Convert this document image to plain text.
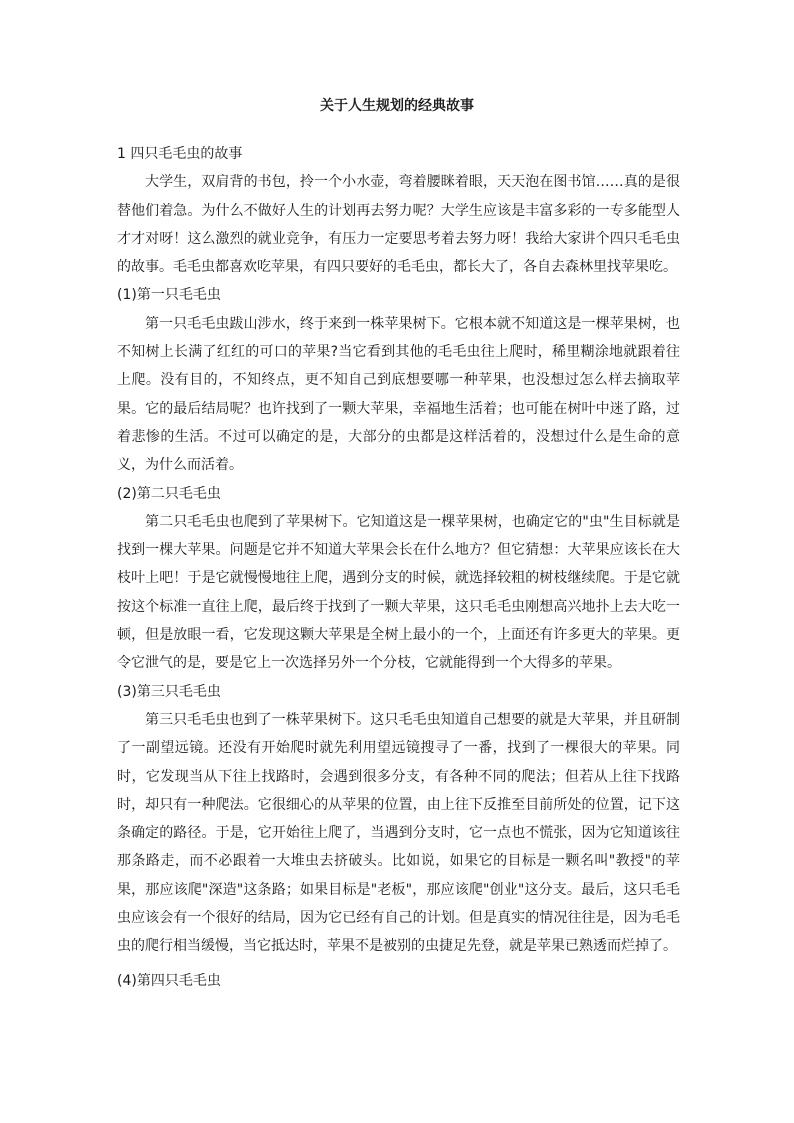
关于人生规划的经典故事

1 四只毛毛虫的故事

大学生，双肩背的书包，拎一个小水壶，弯着腰眯着眼，天天泡在图书馆……真的是很替他们着急。为什么不做好人生的计划再去努力呢？大学生应该是丰富多彩的一专多能型人才才对呀！这么激烈的就业竞争，有压力一定要思考着去努力呀！我给大家讲个四只毛毛虫的故事。毛毛虫都喜欢吃苹果，有四只要好的毛毛虫，都长大了，各自去森林里找苹果吃。

(1)第一只毛毛虫

第一只毛毛虫跋山涉水，终于来到一株苹果树下。它根本就不知道这是一棵苹果树，也不知树上长满了红红的可口的苹果?当它看到其他的毛毛虫往上爬时，稀里糊涂地就跟着往上爬。没有目的，不知终点，更不知自己到底想要哪一种苹果，也没想过怎么样去摘取苹果。它的最后结局呢？也许找到了一颗大苹果，幸福地生活着；也可能在树叶中迷了路，过着悲惨的生活。不过可以确定的是，大部分的虫都是这样活着的，没想过什么是生命的意义，为什么而活着。

(2)第二只毛毛虫

第二只毛毛虫也爬到了苹果树下。它知道这是一棵苹果树，也确定它的"虫"生目标就是找到一棵大苹果。问题是它并不知道大苹果会长在什么地方？但它猜想：大苹果应该长在大枝叶上吧！于是它就慢慢地往上爬，遇到分支的时候，就选择较粗的树枝继续爬。于是它就按这个标准一直往上爬，最后终于找到了一颗大苹果，这只毛毛虫刚想高兴地扑上去大吃一顿，但是放眼一看，它发现这颗大苹果是全树上最小的一个，上面还有许多更大的苹果。更令它泄气的是，要是它上一次选择另外一个分枝，它就能得到一个大得多的苹果。

(3)第三只毛毛虫

第三只毛毛虫也到了一株苹果树下。这只毛毛虫知道自己想要的就是大苹果，并且研制了一副望远镜。还没有开始爬时就先利用望远镜搜寻了一番，找到了一棵很大的苹果。同时，它发现当从下往上找路时，会遇到很多分支，有各种不同的爬法；但若从上往下找路时，却只有一种爬法。它很细心的从苹果的位置，由上往下反推至目前所处的位置，记下这条确定的路径。于是，它开始往上爬了，当遇到分支时，它一点也不慌张，因为它知道该往那条路走，而不必跟着一大堆虫去挤破头。比如说，如果它的目标是一颗名叫"教授"的苹果，那应该爬"深造"这条路；如果目标是"老板"，那应该爬"创业"这分支。最后，这只毛毛虫应该会有一个很好的结局，因为它已经有自己的计划。但是真实的情况往往是，因为毛毛虫的爬行相当缓慢，当它抵达时，苹果不是被别的虫捷足先登，就是苹果已熟透而烂掉了。

(4)第四只毛毛虫
